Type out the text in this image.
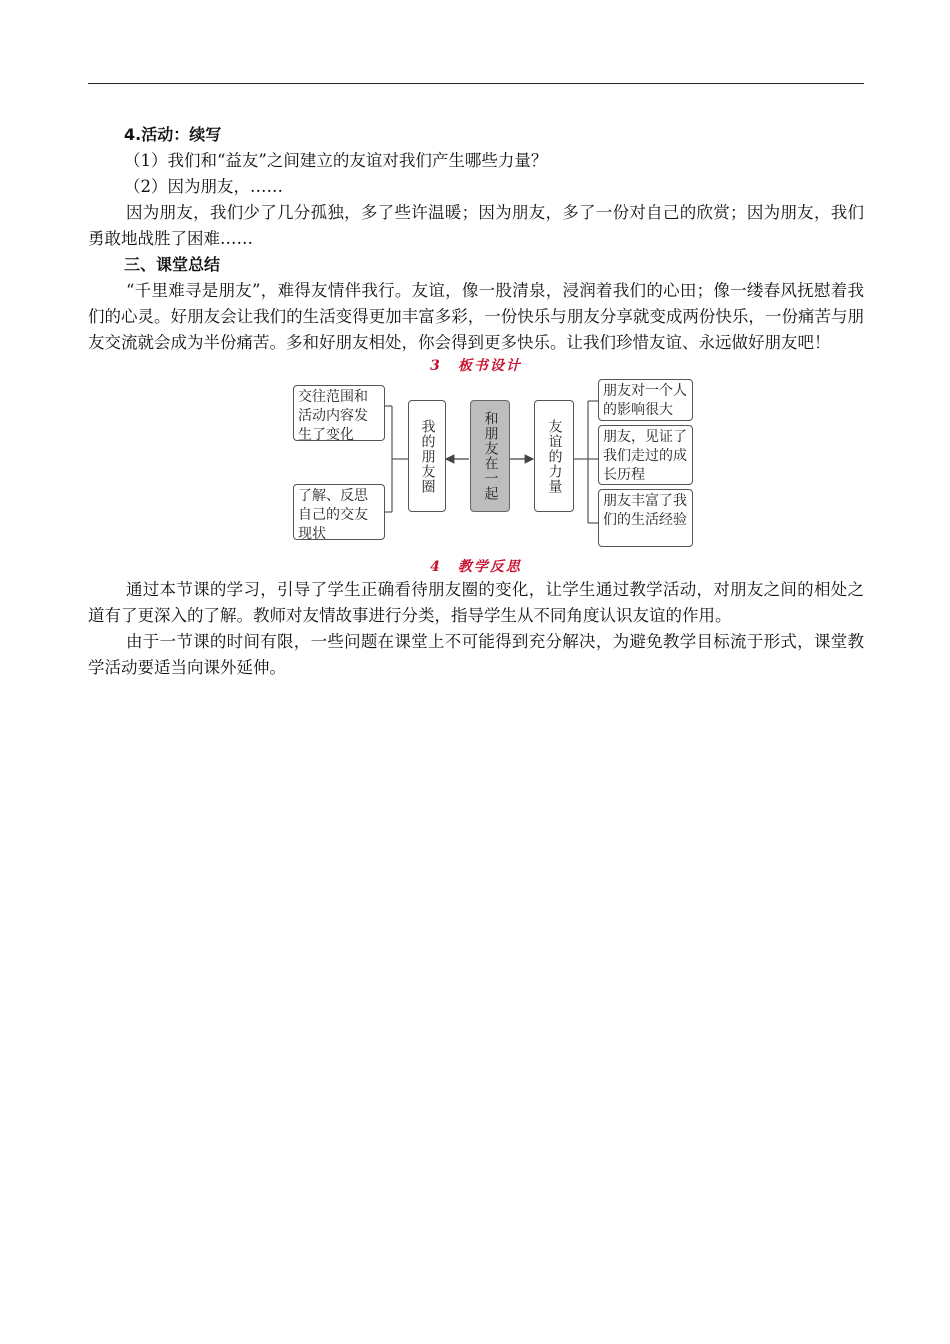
4.活动：续写

（1）我们和“益友”之间建立的友谊对我们产生哪些力量？

（2）因为朋友，……

因为朋友，我们少了几分孤独，多了些许温暖；因为朋友，多了一份对自己的欣赏；因为朋友，我们勇敢地战胜了困难……

三、课堂总结

“千里难寻是朋友”，难得友情伴我行。友谊，像一股清泉，浸润着我们的心田；像一缕春风抚慰着我们的心灵。好朋友会让我们的生活变得更加丰富多彩，一份快乐与朋友分享就变成两份快乐，一份痛苦与朋友交流就会成为半份痛苦。多和好朋友相处，你会得到更多快乐。让我们珍惜友谊、永远做好朋友吧！

3　板书设计
交往范围和活动内容发生了变化
了解、反思自己的交友现状
我的朋友圈	和朋友在一起	友谊的力量
朋友对一个人的影响很大
朋友，见证了我们走过的成长历程
朋友丰富了我们的生活经验
4　教学反思

通过本节课的学习，引导了学生正确看待朋友圈的变化，让学生通过教学活动，对朋友之间的相处之道有了更深入的了解。教师对友情故事进行分类，指导学生从不同角度认识友谊的作用。

由于一节课的时间有限，一些问题在课堂上不可能得到充分解决，为避免教学目标流于形式，课堂教学活动要适当向课外延伸。
